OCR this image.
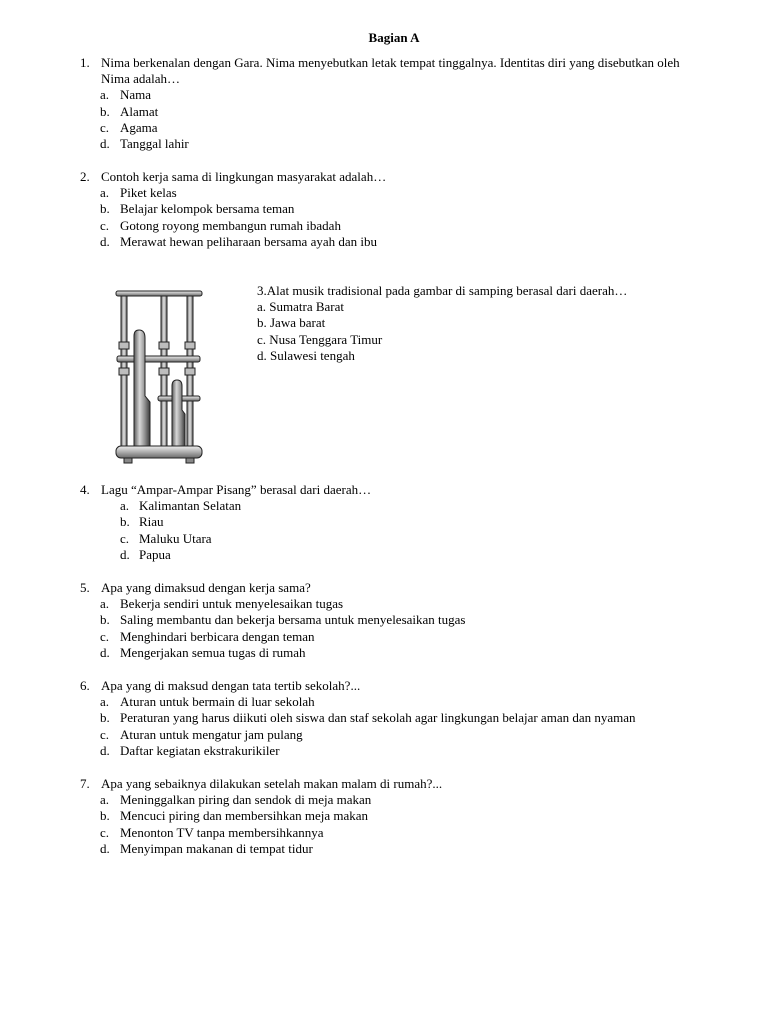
Bagian A
1. Nima berkenalan dengan Gara. Nima menyebutkan letak tempat tinggalnya. Identitas diri yang disebutkan oleh Nima adalah…
a. Nama
b. Alamat
c. Agama
d. Tanggal lahir
2. Contoh kerja sama di lingkungan masyarakat adalah…
a. Piket kelas
b. Belajar kelompok bersama teman
c. Gotong royong membangun rumah ibadah
d. Merawat hewan peliharaan bersama ayah dan ibu
3.Alat musik tradisional pada gambar di samping berasal dari daerah…
a. Sumatra Barat
b. Jawa barat
c. Nusa Tenggara Timur
d. Sulawesi tengah
4. Lagu “Ampar-Ampar Pisang” berasal dari daerah…
a. Kalimantan Selatan
b. Riau
c. Maluku Utara
d. Papua
5. Apa yang dimaksud dengan kerja sama?
a. Bekerja sendiri untuk menyelesaikan tugas
b. Saling membantu dan bekerja bersama untuk menyelesaikan tugas
c. Menghindari berbicara dengan teman
d. Mengerjakan semua tugas di rumah
6. Apa yang di maksud dengan tata tertib sekolah?...
a. Aturan untuk bermain di luar sekolah
b. Peraturan yang harus diikuti oleh siswa dan staf sekolah agar lingkungan belajar aman dan nyaman
c. Aturan untuk mengatur jam pulang
d. Daftar kegiatan ekstrakurikiler
7. Apa yang sebaiknya dilakukan setelah makan malam di rumah?...
a. Meninggalkan piring dan sendok di meja makan
b. Mencuci piring dan membersihkan meja makan
c. Menonton TV tanpa membersihkannya
d. Menyimpan makanan di tempat tidur
